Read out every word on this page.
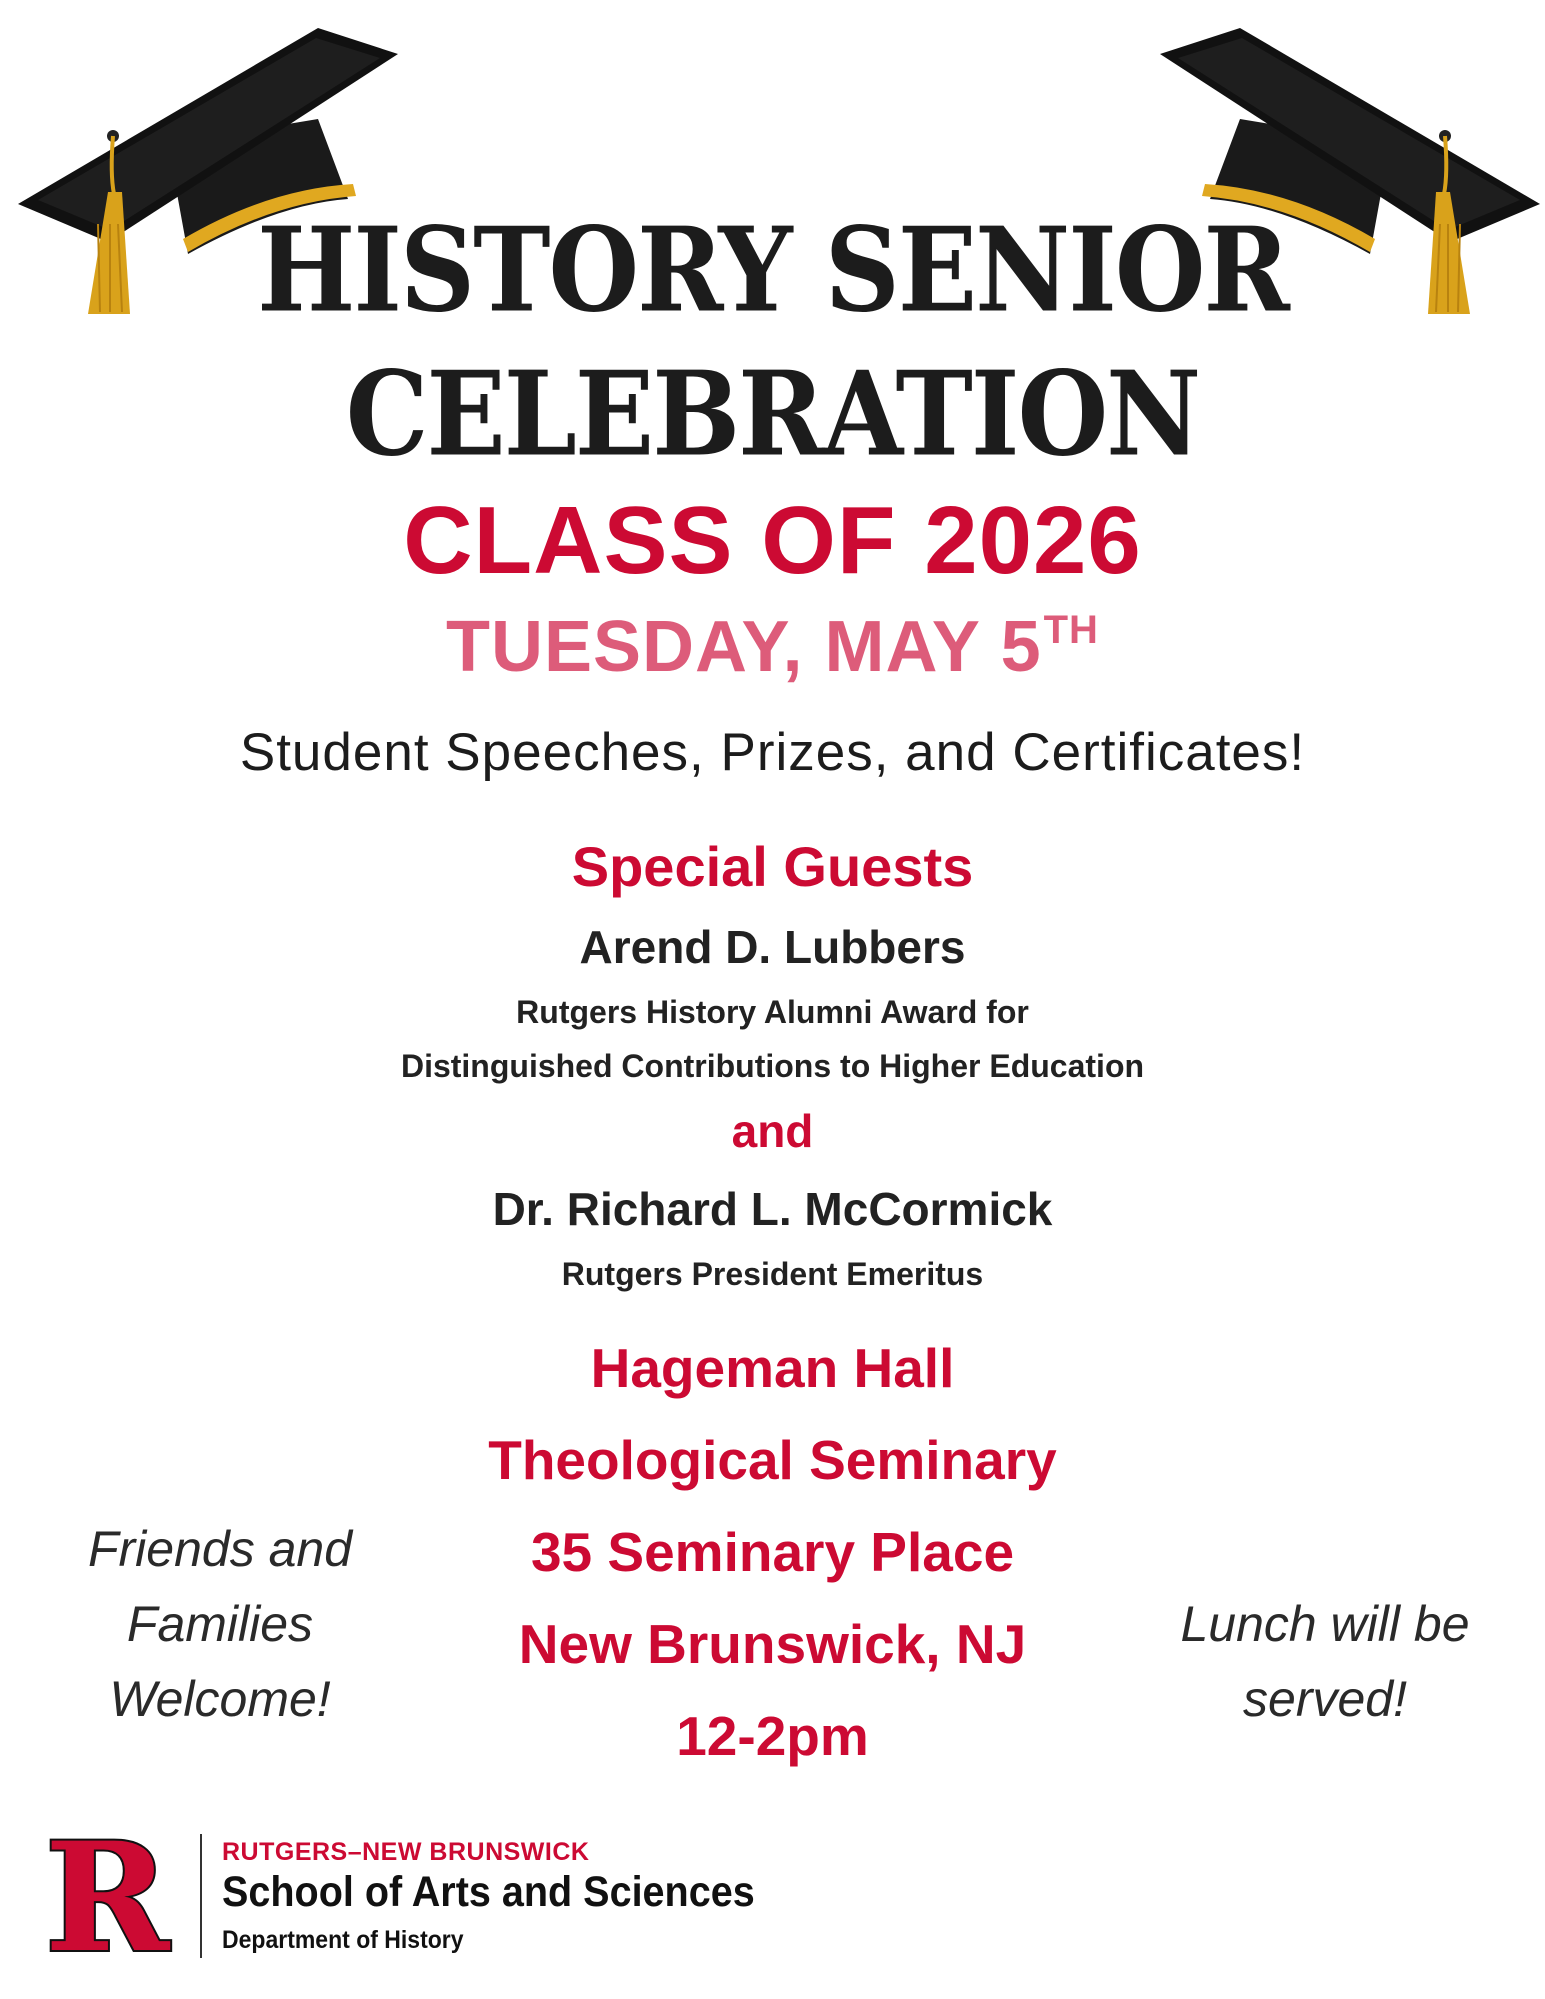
HISTORY SENIOR
CELEBRATION
CLASS OF 2026
TUESDAY, MAY 5TH
Student Speeches, Prizes, and Certificates!
Special Guests
Arend D. Lubbers
Rutgers History Alumni Award for
Distinguished Contributions to Higher Education
and
Dr. Richard L. McCormick
Rutgers President Emeritus
Hageman Hall
Theological Seminary
35 Seminary Place
New Brunswick, NJ
12-2pm
Friends and
Families
Welcome!
Lunch will be
served!
R RUTGERS–NEW BRUNSWICK
School of Arts and Sciences
Department of History
